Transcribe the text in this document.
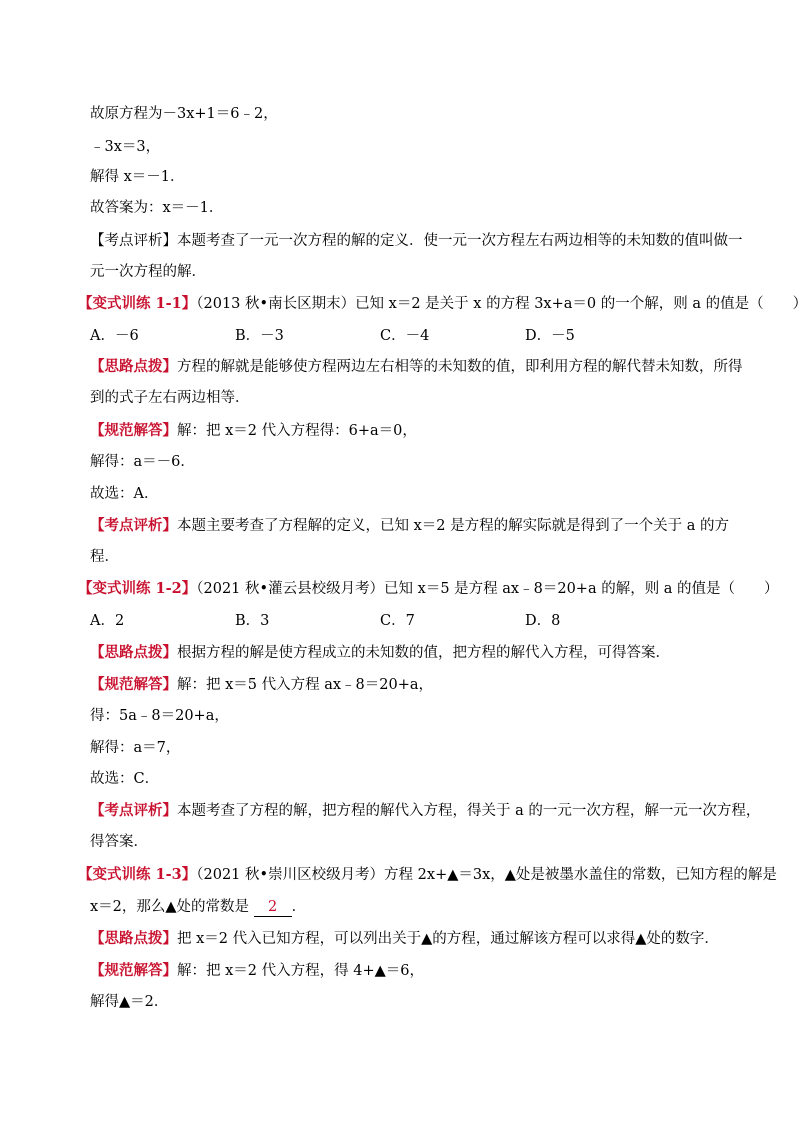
故原方程为－3x+1＝6﹣2，
﹣3x＝3，
解得 x＝－1．
故答案为：x＝－1．
【考点评析】本题考查了一元一次方程的解的定义．使一元一次方程左右两边相等的未知数的值叫做一
元一次方程的解．
【变式训练 1-1】（2013 秋•南长区期末）已知 x＝2 是关于 x 的方程 3x+a＝0 的一个解，则 a 的值是（　　）
A．－6	B．－3	C．－4	D．－5
【思路点拨】方程的解就是能够使方程两边左右相等的未知数的值，即利用方程的解代替未知数，所得
到的式子左右两边相等．
【规范解答】解：把 x＝2 代入方程得：6+a＝0，
解得：a＝－6．
故选：A．
【考点评析】本题主要考查了方程解的定义，已知 x＝2 是方程的解实际就是得到了一个关于 a 的方
程．
【变式训练 1-2】（2021 秋•灌云县校级月考）已知 x＝5 是方程 ax﹣8＝20+a 的解，则 a 的值是（　　）
A．2	B．3	C．7	D．8
【思路点拨】根据方程的解是使方程成立的未知数的值，把方程的解代入方程，可得答案．
【规范解答】解：把 x＝5 代入方程 ax﹣8＝20+a，
得：5a﹣8＝20+a，
解得：a＝7，
故选：C．
【考点评析】本题考查了方程的解，把方程的解代入方程，得关于 a 的一元一次方程，解一元一次方程，
得答案．
【变式训练 1-3】（2021 秋•崇川区校级月考）方程 2x+▲＝3x，▲处是被墨水盖住的常数，已知方程的解是
x＝2，那么▲处的常数是 2 ．
【思路点拨】把 x＝2 代入已知方程，可以列出关于▲的方程，通过解该方程可以求得▲处的数字．
【规范解答】解：把 x＝2 代入方程，得 4+▲＝6，
解得▲＝2．
